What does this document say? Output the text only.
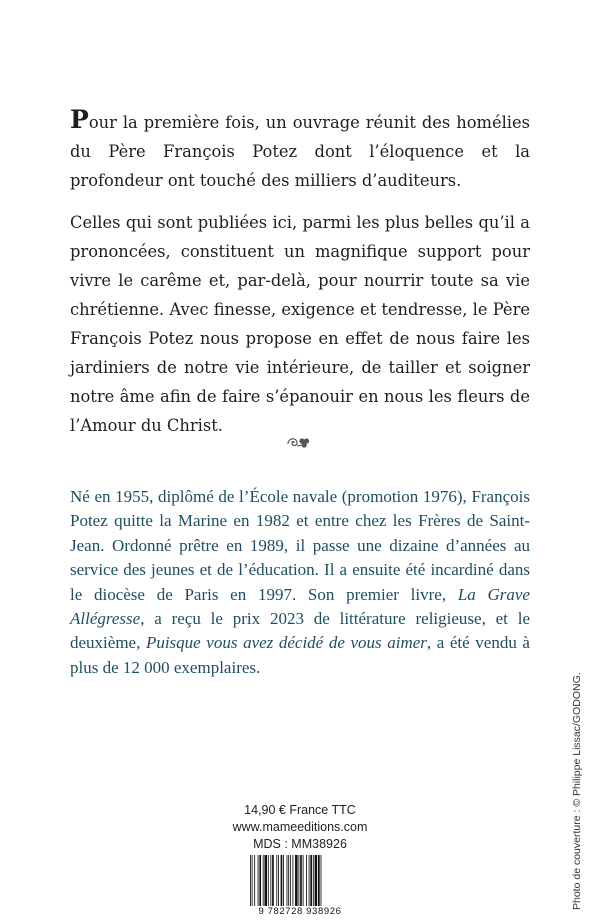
Pour la première fois, un ouvrage réunit des homélies du Père François Potez dont l’éloquence et la profondeur ont touché des milliers d’auditeurs.

Celles qui sont publiées ici, parmi les plus belles qu’il a prononcées, constituent un magnifique support pour vivre le carême et, par-delà, pour nourrir toute sa vie chrétienne. Avec finesse, exigence et tendresse, le Père François Potez nous propose en effet de nous faire les jardiniers de notre vie intérieure, de tailler et soigner notre âme afin de faire s’épanouir en nous les fleurs de l’Amour du Christ.

Né en 1955, diplômé de l’École navale (promotion 1976), François Potez quitte la Marine en 1982 et entre chez les Frères de Saint-Jean. Ordonné prêtre en 1989, il passe une dizaine d’années au service des jeunes et de l’éducation. Il a ensuite été incardiné dans le diocèse de Paris en 1997. Son premier livre, La Grave Allégresse, a reçu le prix 2023 de littérature religieuse, et le deuxième, Puisque vous avez décidé de vous aimer, a été vendu à plus de 12 000 exemplaires.

Photo de couverture : © Philippe Lissac/GODONG.
14,90 € France TTC
www.mameeditions.com
MDS : MM38926
9 782728 938926
